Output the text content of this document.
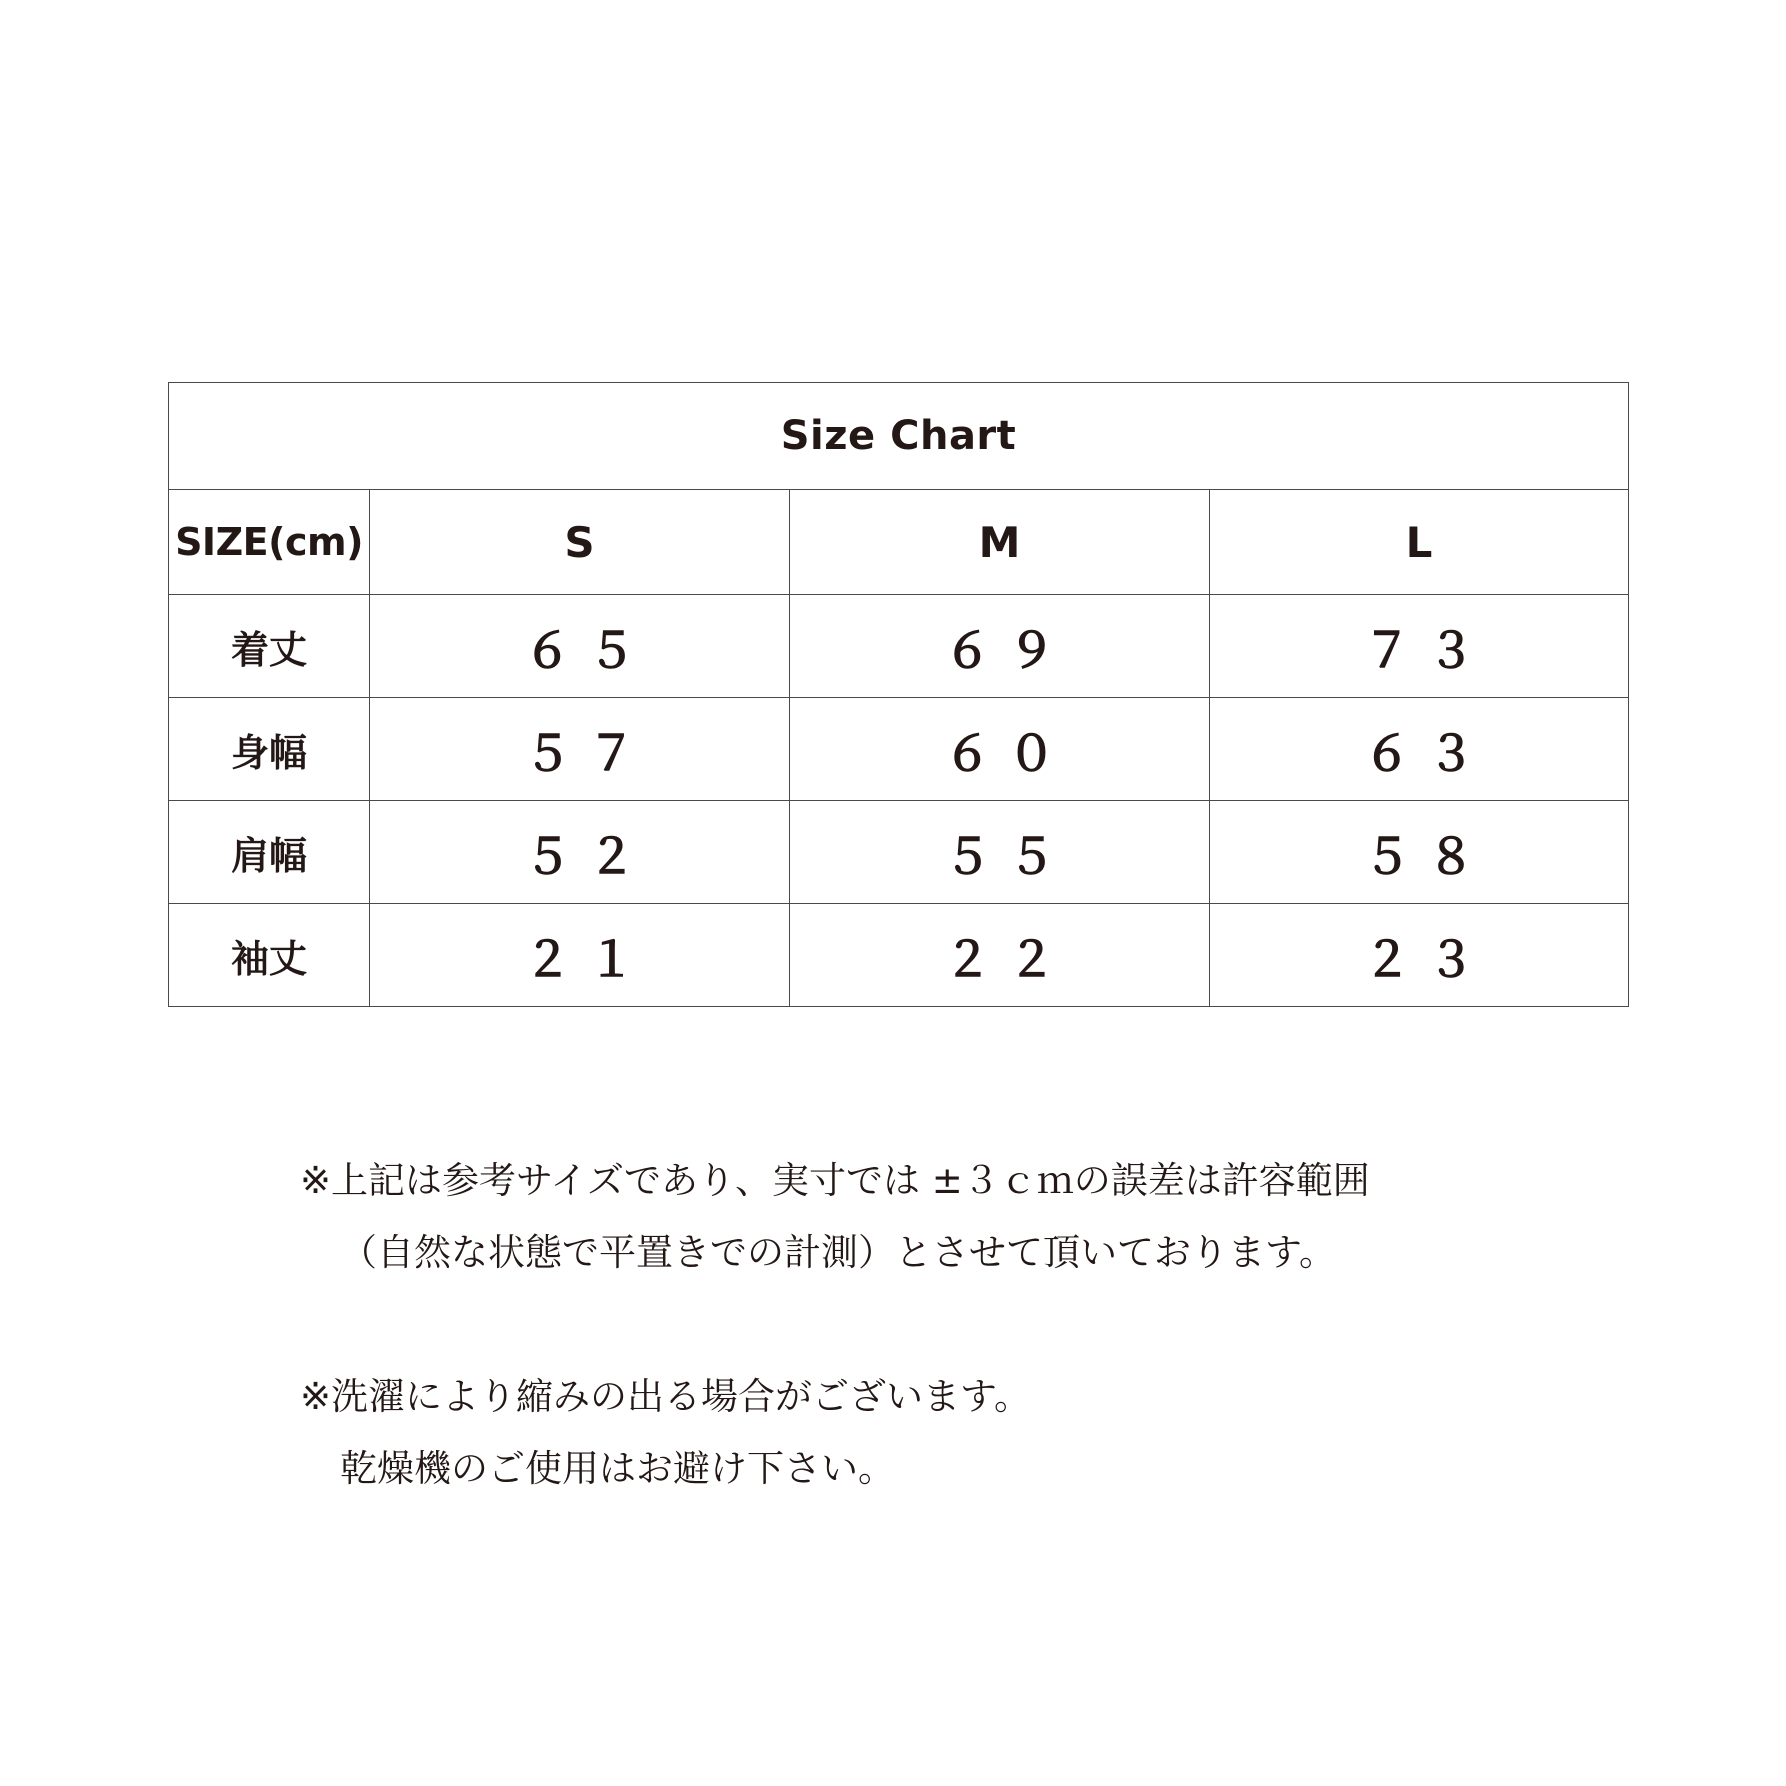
Size Chart			
SIZE(cm)	S	M	L
着丈	６５	６９	７３
身幅	５７	６０	６３
肩幅	５２	５５	５８
袖丈	２１	２２	２３
※上記は参考サイズであり、実寸では ±３ｃｍの誤差は許容範囲
（自然な状態で平置きでの計測）とさせて頂いております。
※洗濯により縮みの出る場合がございます。
乾燥機のご使用はお避け下さい。
